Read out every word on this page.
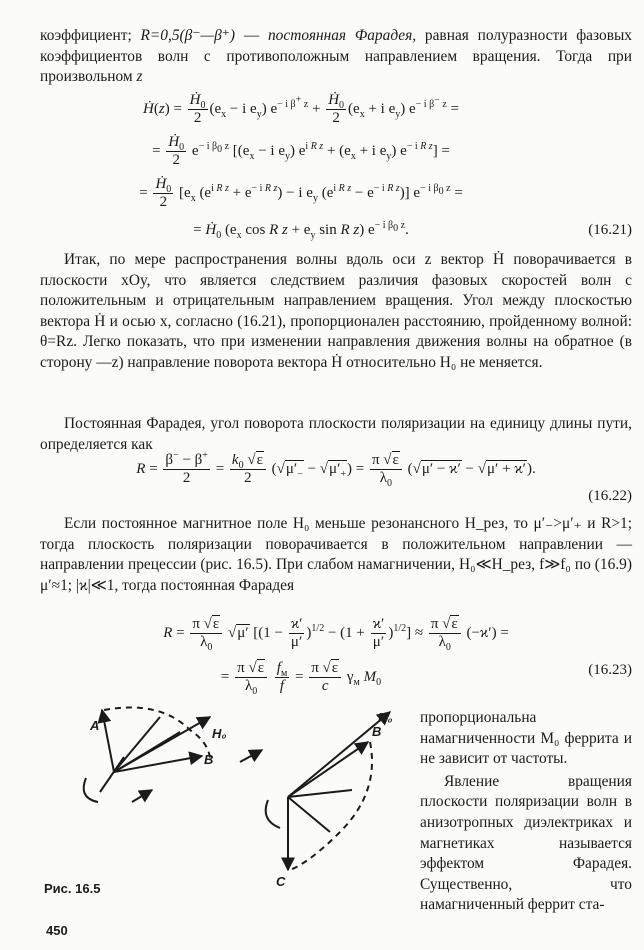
коэффициент; R=0,5(β⁻—β⁺) — постоянная Фарадея, равная полуразности фазовых коэффициентов волн с противоположным направлением вращения. Тогда при произвольном z

Ḣ(z) = $\frac{Ḣ_0}{2} (e_x - i$ $e_y$) $e^{- i \beta^+ z} + \frac{Ḣ_0}{2} (e_x + i$ $e_y$) $e^{- i \beta^- z}$ =
= $\frac{Ḣ_0}{2} e^{- i \beta_0 z}$ [($e_x - i$ $e_y$) $e^{i R z} + (e_x + i$ $e_y$) $e^{- i R z}$] =
= $\frac{Ḣ_0}{2} [e_x$ $(e^{i R z} + e^{- i R z}) - i$ $e_y$ $(e^{i R z} - e^{- i R z})$] $e^{- i \beta_0 z}$ =
= Ḣ$_0$ ($e_x$ cos R $z + e_y$ sin R z) $e^{- i \beta_0 z}$.	(16.21)

Итак, по мере распространения волны вдоль оси z вектор Ḣ поворачивается в плоскости xOy, что является следствием различия фазовых скоростей волн с положительным и отрицательным направлением вращения. Угол между плоскостью вектора Ḣ и осью x, согласно (16.21), пропорционален расстоянию, пройденному волной: θ=Rz. Легко показать, что при изменении направления движения волны на обратное (в сторону —z) направление поворота вектора Ḣ относительно H₀ не меняется.

Постоянная Фарадея, угол поворота плоскости поляризации на единицу длины пути, определяется как

$R = \frac{\beta^- - \beta^+}{2} = \frac{k_0 √\varepsilon}{2} (√\mu'_- - √\mu'_+) = \frac{\pi √\varepsilon}{\lambda_0} (√\mu' - ϰ' - √\mu' + ϰ')$.
(16.22)

Если постоянное магнитное поле H₀ меньше резонансного H_рез, то μ′₋>μ′₊ и R>1; тогда плоскость поляризации поворачивается в положительном направлении — направлении прецессии (рис. 16.5). При слабом намагничении, H₀≪H_рез, f≫f₀ по (16.9) μ′≈1; |ϰ|≪1, тогда постоянная Фарадея

$R = \frac{\pi √\varepsilon}{\lambda_0} √\mu'$ $[(1 - \frac{ϰ'}{\mu'} )^{1/2} - (1 + \frac{ϰ'}{\mu'} )^{1/2}] \approx \frac{\pi √\varepsilon}{\lambda_0} (-ϰ')$ =
= $\frac{\pi √\varepsilon}{\lambda_0}$
$\frac{f_м}{f} = \frac{\pi √\varepsilon}{c} \gamma_м$ $M_0$
(16.23)
A
H₀
B
H₀
B
C
Рис. 16.5
450

пропорциональна намагниченности M₀ феррита и не зависит от частоты.

Явление вращения плоскости поляризации волн в анизотропных диэлектриках и магнетиках называется эффектом Фарадея. Существенно, что намагниченный феррит ста-
